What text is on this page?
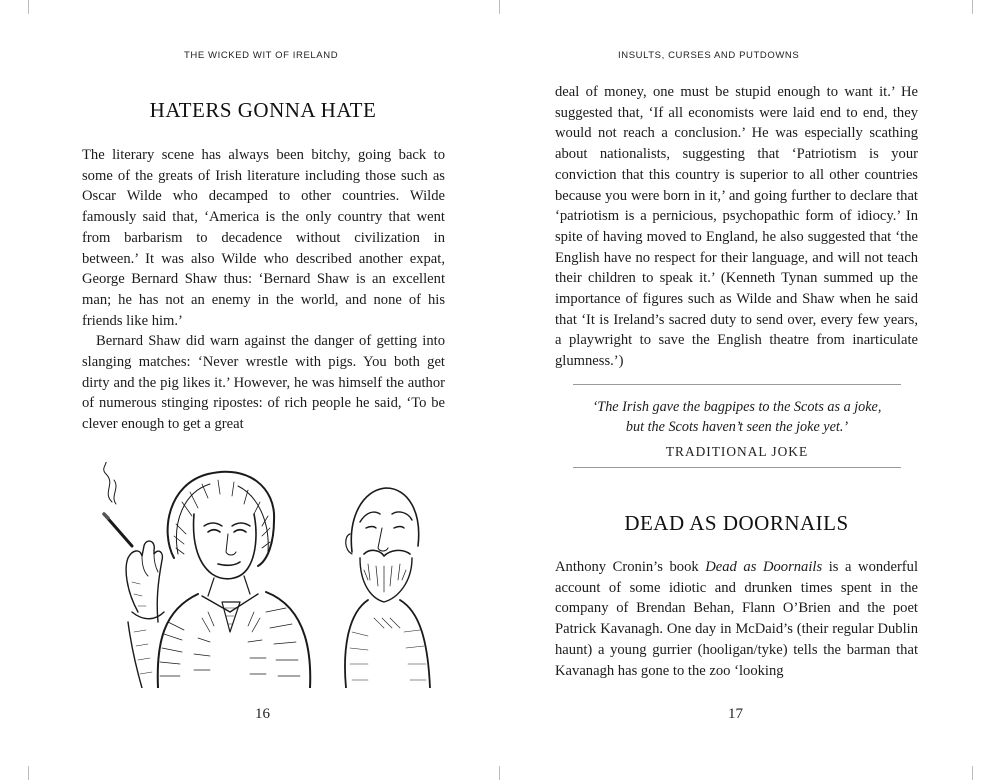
THE WICKED WIT OF IRELAND
HATERS GONNA HATE

The literary scene has always been bitchy, going back to some of the greats of Irish literature including those such as Oscar Wilde who decamped to other countries. Wilde famously said that, ‘America is the only country that went from barbarism to decadence without civilization in between.’ It was also Wilde who described another expat, George Bernard Shaw thus: ‘Bernard Shaw is an excellent man; he has not an enemy in the world, and none of his friends like him.’

Bernard Shaw did warn against the danger of getting into slanging matches: ‘Never wrestle with pigs. You both get dirty and the pig likes it.’ However, he was himself the author of numerous stinging ripostes: of rich people he said, ‘To be clever enough to get a great

16
INSULTS, CURSES AND PUTDOWNS

deal of money, one must be stupid enough to want it.’ He suggested that, ‘If all economists were laid end to end, they would not reach a conclusion.’ He was especially scathing about nationalists, suggesting that ‘Patriotism is your conviction that this country is superior to all other countries because you were born in it,’ and going further to declare that ‘patriotism is a pernicious, psychopathic form of idiocy.’ In spite of having moved to England, he also suggested that ‘the English have no respect for their language, and will not teach their children to speak it.’ (Kenneth Tynan summed up the importance of figures such as Wilde and Shaw when he said that ‘It is Ireland’s sacred duty to send over, every few years, a playwright to save the English theatre from inarticulate glumness.’)

‘The Irish gave the bagpipes to the Scots as a joke,
but the Scots haven’t seen the joke yet.’

TRADITIONAL JOKE

DEAD AS DOORNAILS

Anthony Cronin’s book Dead as Doornails is a wonderful account of some idiotic and drunken times spent in the company of Brendan Behan, Flann O’Brien and the poet Patrick Kavanagh. One day in McDaid’s (their regular Dublin haunt) a young gurrier (hooligan/tyke) tells the barman that Kavanagh has gone to the zoo ‘looking

17
